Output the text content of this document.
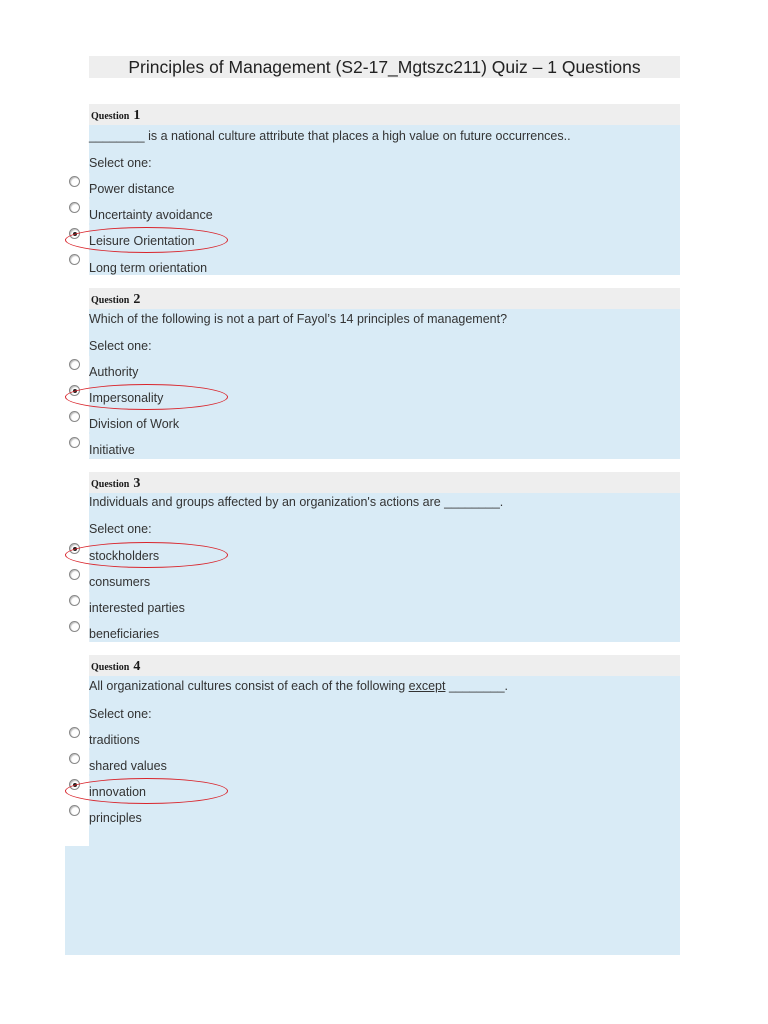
Principles of Management (S2-17_Mgtszc211) Quiz – 1 Questions
Question 1
________ is a national culture attribute that places a high value on future occurrences..
Select one:
Power distance
Uncertainty avoidance
Leisure Orientation
Long term orientation
Question 2
Which of the following is not a part of Fayol’s 14 principles of management?
Select one:
Authority
Impersonality
Division of Work
Initiative
Question 3
Individuals and groups affected by an organization's actions are ________.
Select one:
stockholders
consumers
interested parties
beneficiaries
Question 4
All organizational cultures consist of each of the following except ________.
Select one:
traditions
shared values
innovation
principles
